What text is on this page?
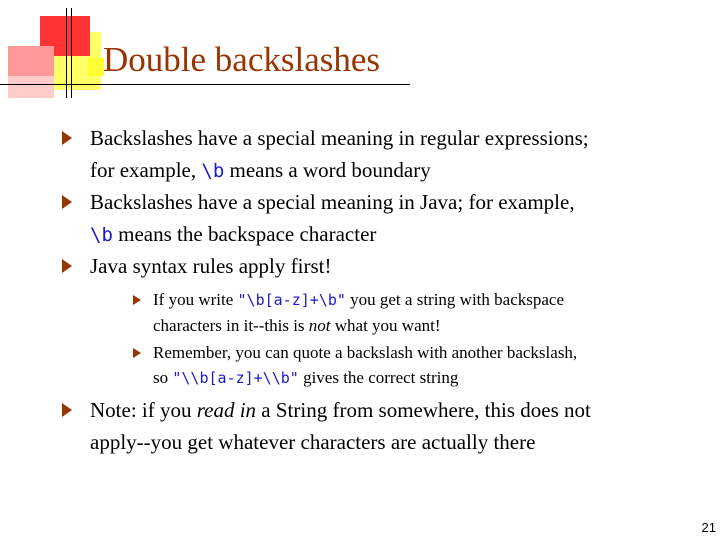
Double backslashes
Backslashes have a special meaning in regular expressions;
for example, \b means a word boundary
Backslashes have a special meaning in Java; for example,
\b means the backspace character
Java syntax rules apply first!
If you write "\b[a-z]+\b" you get a string with backspace
characters in it--this is not what you want!
Remember, you can quote a backslash with another backslash,
so "\\b[a-z]+\\b" gives the correct string
Note: if you read in a String from somewhere, this does not
apply--you get whatever characters are actually there
21
